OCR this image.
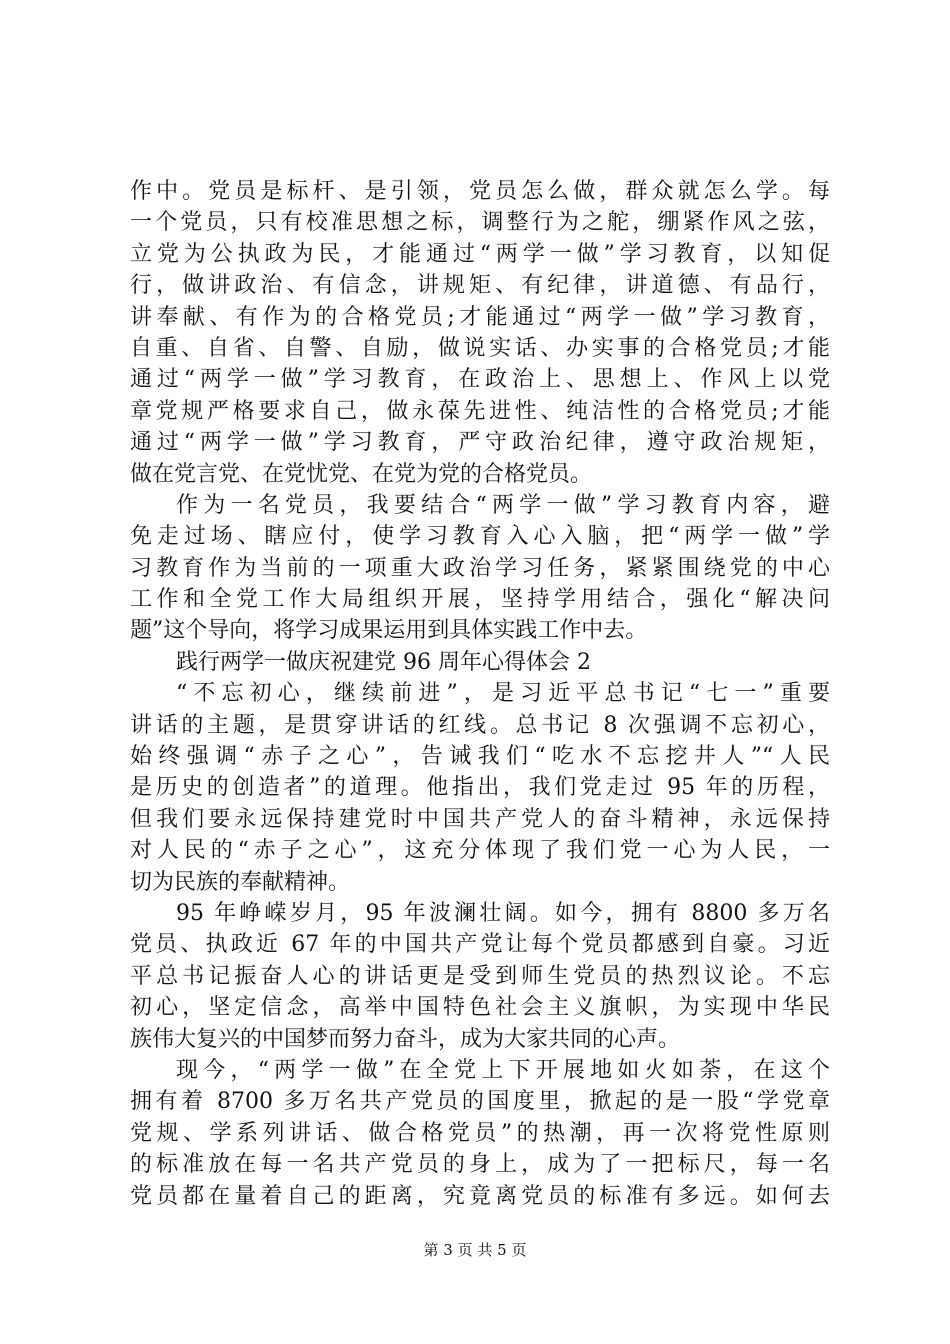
作中。党员是标杆、是引领，党员怎么做，群众就怎么学。每
一个党员，只有校准思想之标，调整行为之舵，绷紧作风之弦，
立党为公执政为民，才能通过“两学一做”学习教育，以知促
行，做讲政治、有信念，讲规矩、有纪律，讲道德、有品行，
讲奉献、有作为的合格党员;才能通过“两学一做”学习教育，
自重、自省、自警、自励，做说实话、办实事的合格党员;才能
通过“两学一做”学习教育，在政治上、思想上、作风上以党
章党规严格要求自己，做永葆先进性、纯洁性的合格党员;才能
通过“两学一做”学习教育，严守政治纪律，遵守政治规矩，
做在党言党、在党忧党、在党为党的合格党员。
作为一名党员，我要结合“两学一做”学习教育内容，避
免走过场、瞎应付，使学习教育入心入脑，把“两学一做”学
习教育作为当前的一项重大政治学习任务，紧紧围绕党的中心
工作和全党工作大局组织开展，坚持学用结合，强化“解决问
题”这个导向，将学习成果运用到具体实践工作中去。
践行两学一做庆祝建党 96 周年心得体会 2
“不忘初心，继续前进”，是习近平总书记“七一”重要
讲话的主题，是贯穿讲话的红线。总书记 8 次强调不忘初心，
始终强调“赤子之心”，告诫我们“吃水不忘挖井人”“人民
是历史的创造者”的道理。他指出，我们党走过 95 年的历程，
但我们要永远保持建党时中国共产党人的奋斗精神，永远保持
对人民的“赤子之心”，这充分体现了我们党一心为人民，一
切为民族的奉献精神。
95 年峥嵘岁月，95 年波澜壮阔。如今，拥有 8800 多万名
党员、执政近 67 年的中国共产党让每个党员都感到自豪。习近
平总书记振奋人心的讲话更是受到师生党员的热烈议论。不忘
初心，坚定信念，高举中国特色社会主义旗帜，为实现中华民
族伟大复兴的中国梦而努力奋斗，成为大家共同的心声。
现今，“两学一做”在全党上下开展地如火如荼，在这个
拥有着 8700 多万名共产党员的国度里，掀起的是一股“学党章
党规、学系列讲话、做合格党员”的热潮，再一次将党性原则
的标准放在每一名共产党员的身上，成为了一把标尺，每一名
党员都在量着自己的距离，究竟离党员的标准有多远。如何去
第 3 页 共 5 页
